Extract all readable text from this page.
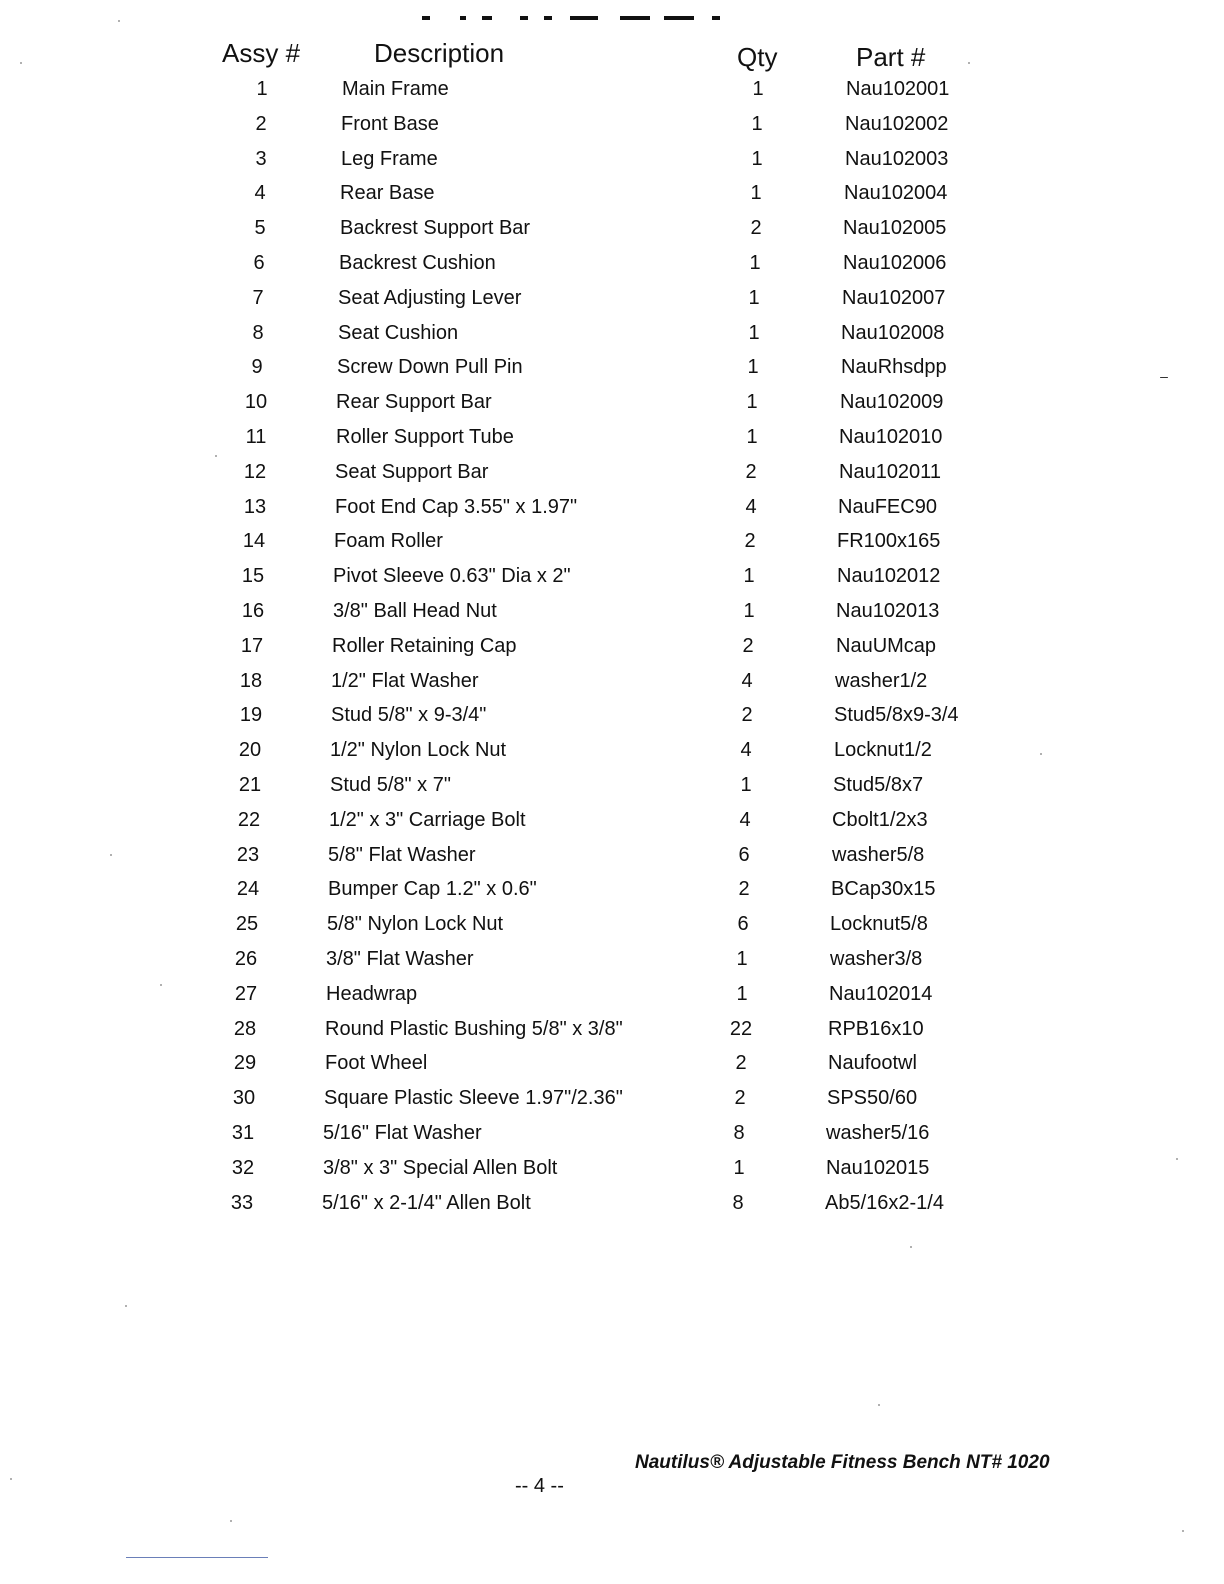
Assy #	Description	Qty	Part #
1	Main Frame	1	Nau102001
2	Front Base	1	Nau102002
3	Leg Frame	1	Nau102003
4	Rear Base	1	Nau102004
5	Backrest Support Bar	2	Nau102005
6	Backrest Cushion	1	Nau102006
7	Seat Adjusting Lever	1	Nau102007
8	Seat Cushion	1	Nau102008
9	Screw Down Pull Pin	1	NauRhsdpp
10	Rear Support Bar	1	Nau102009
11	Roller Support Tube	1	Nau102010
12	Seat Support Bar	2	Nau102011
13	Foot End Cap 3.55" x 1.97"	4	NauFEC90
14	Foam Roller	2	FR100x165
15	Pivot Sleeve 0.63" Dia x 2"	1	Nau102012
16	3/8" Ball Head Nut	1	Nau102013
17	Roller Retaining Cap	2	NauUMcap
18	1/2" Flat Washer	4	washer1/2
19	Stud 5/8" x 9-3/4"	2	Stud5/8x9-3/4
20	1/2" Nylon Lock Nut	4	Locknut1/2
21	Stud 5/8" x 7"	1	Stud5/8x7
22	1/2" x 3" Carriage Bolt	4	Cbolt1/2x3
23	5/8" Flat Washer	6	washer5/8
24	Bumper Cap 1.2" x 0.6"	2	BCap30x15
25	5/8" Nylon Lock Nut	6	Locknut5/8
26	3/8" Flat Washer	1	washer3/8
27	Headwrap	1	Nau102014
28	Round Plastic Bushing 5/8" x 3/8"	22	RPB16x10
29	Foot Wheel	2	Naufootwl
30	Square Plastic Sleeve 1.97"/2.36"	2	SPS50/60
31	5/16" Flat Washer	8	washer5/16
32	3/8" x 3" Special Allen Bolt	1	Nau102015
33	5/16" x 2-1/4" Allen Bolt	8	Ab5/16x2-1/4
Nautilus® Adjustable Fitness Bench NT# 1020
-- 4 --
